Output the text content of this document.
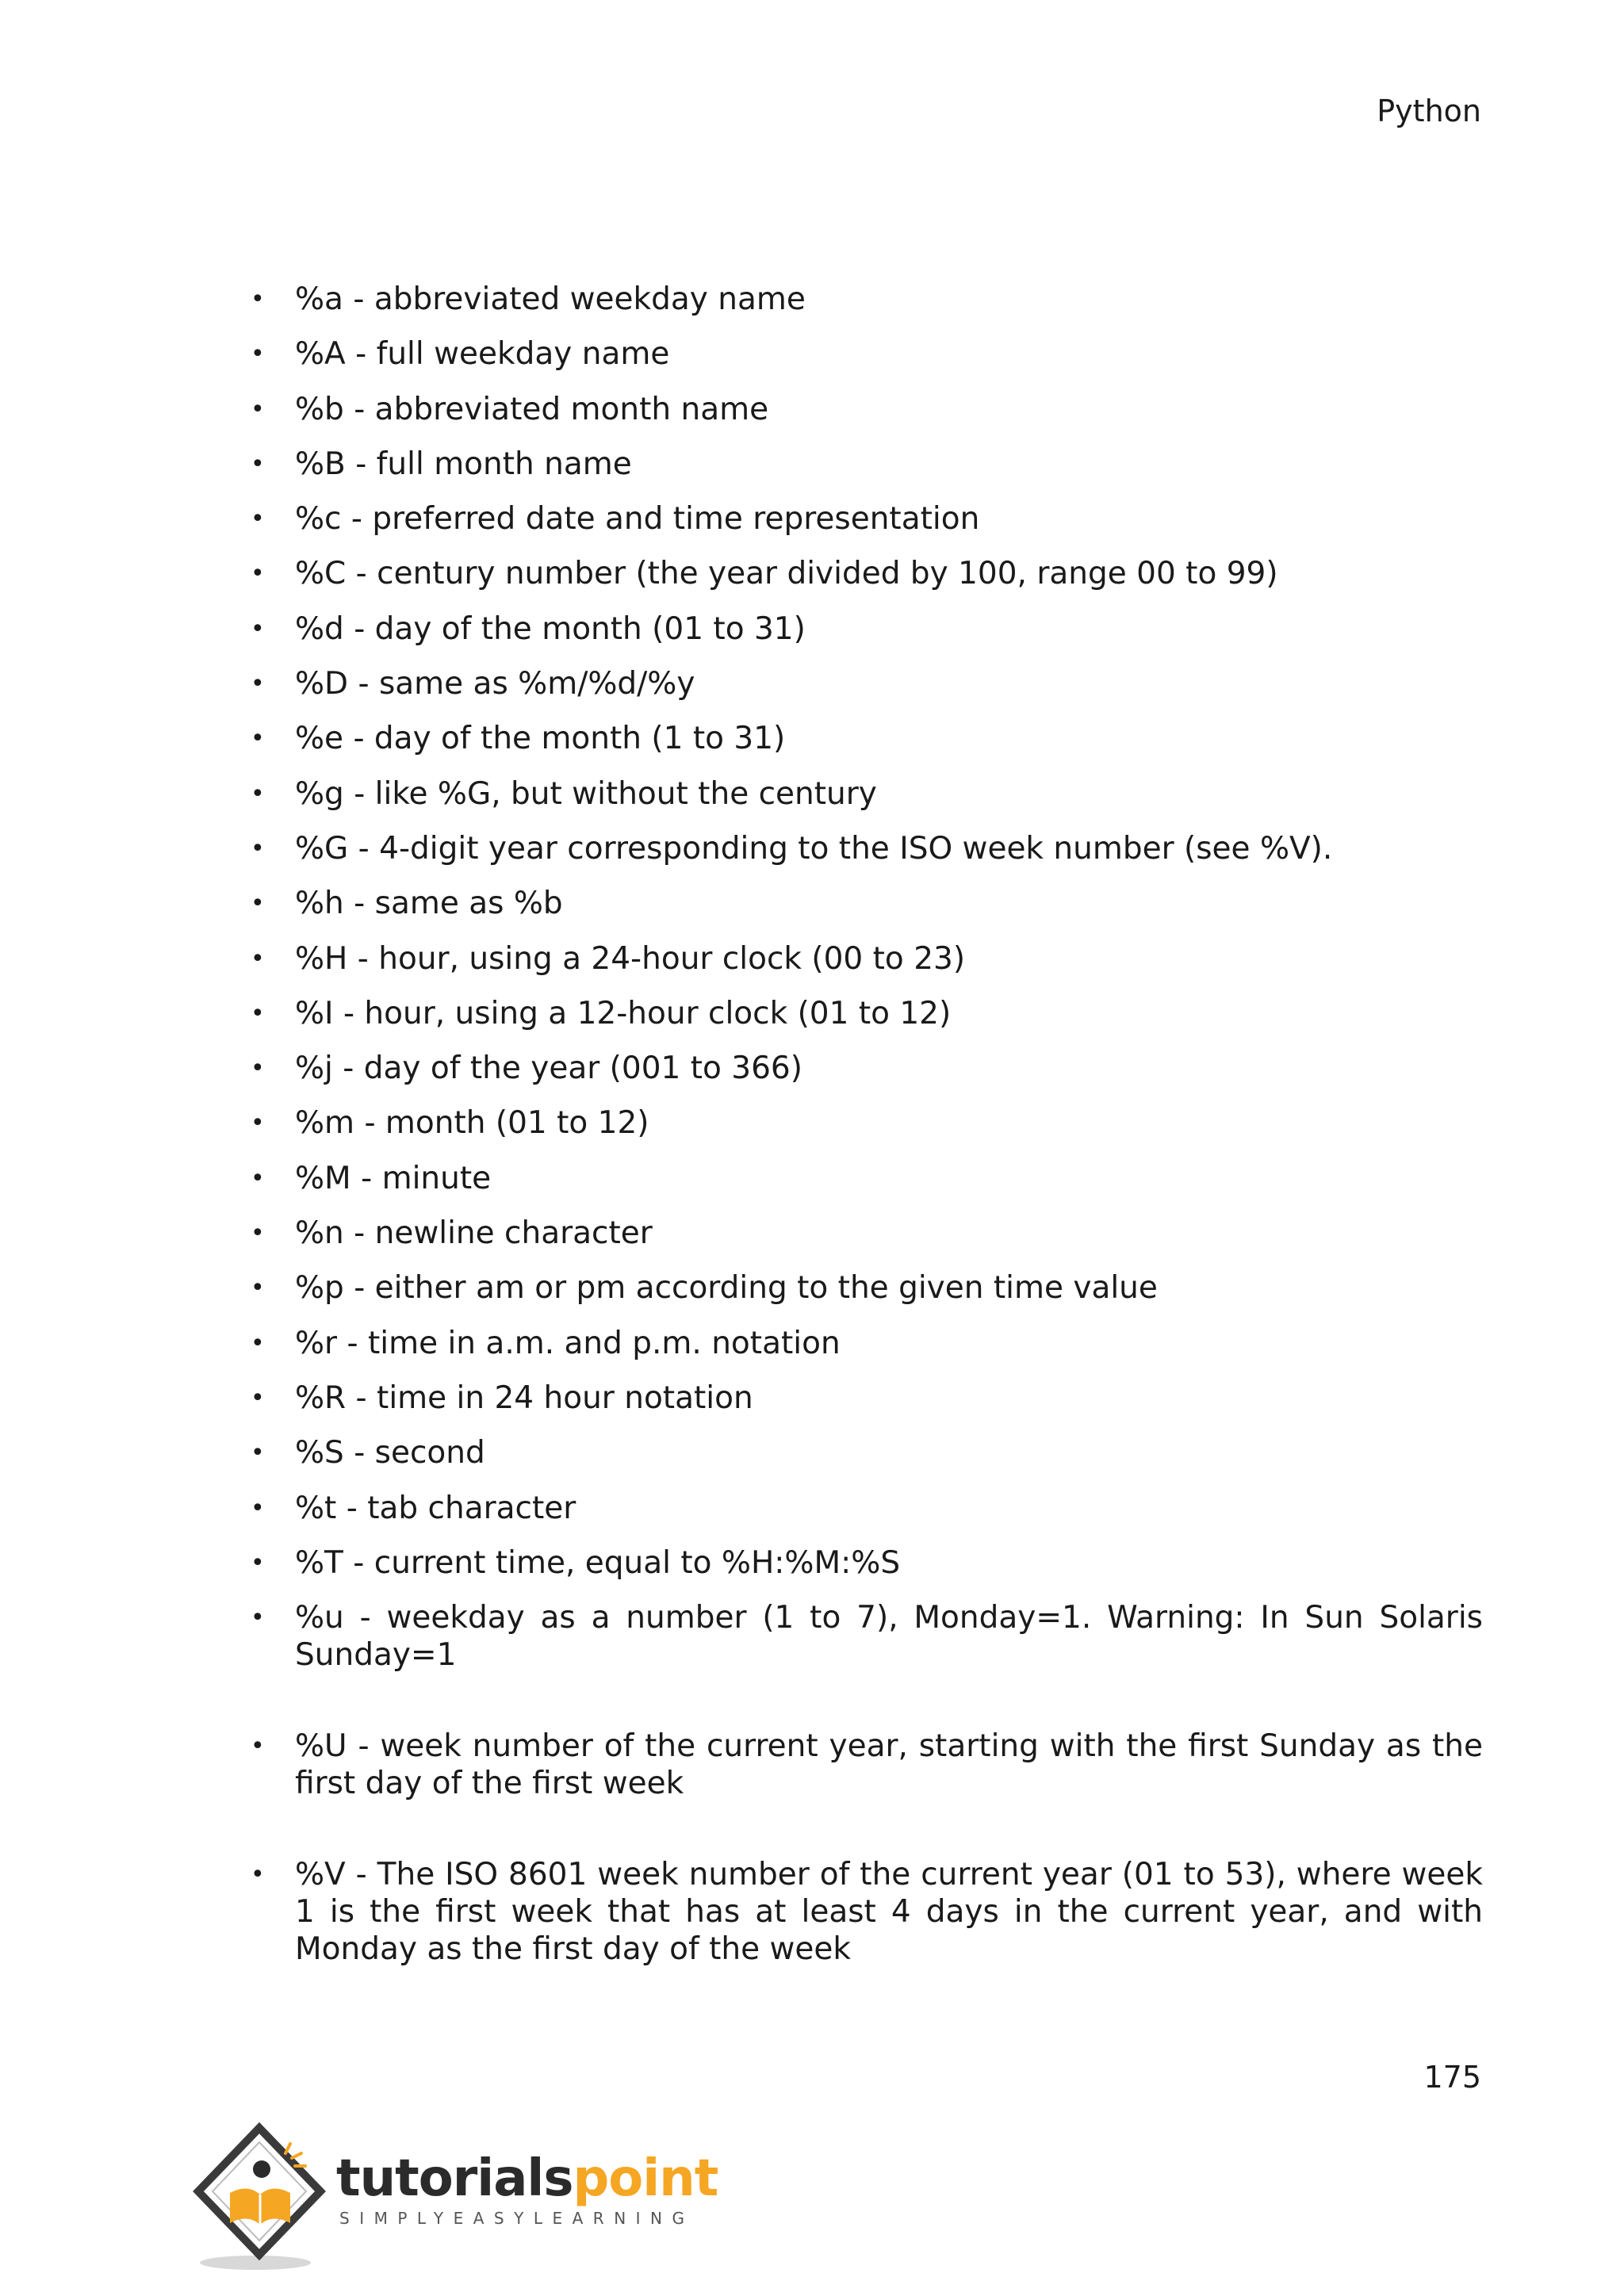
Python
• %a - abbreviated weekday name
• %A - full weekday name
• %b - abbreviated month name
• %B - full month name
• %c - preferred date and time representation
• %C - century number (the year divided by 100, range 00 to 99)
• %d - day of the month (01 to 31)
• %D - same as %m/%d/%y
• %e - day of the month (1 to 31)
• %g - like %G, but without the century
• %G - 4-digit year corresponding to the ISO week number (see %V).
• %h - same as %b
• %H - hour, using a 24-hour clock (00 to 23)
• %I - hour, using a 12-hour clock (01 to 12)
• %j - day of the year (001 to 366)
• %m - month (01 to 12)
• %M - minute
• %n - newline character
• %p - either am or pm according to the given time value
• %r - time in a.m. and p.m. notation
• %R - time in 24 hour notation
• %S - second
• %t - tab character
• %T - current time, equal to %H:%M:%S
• %u - weekday as a number (1 to 7), Monday=1. Warning: In Sun Solaris Sunday=1
• %U - week number of the current year, starting with the first Sunday as the first day of the first week
• %V - The ISO 8601 week number of the current year (01 to 53), where week 1 is the first week that has at least 4 days in the current year, and with Monday as the first day of the week
175
tutorialspoint
SIMPLYEASYLEARNING
